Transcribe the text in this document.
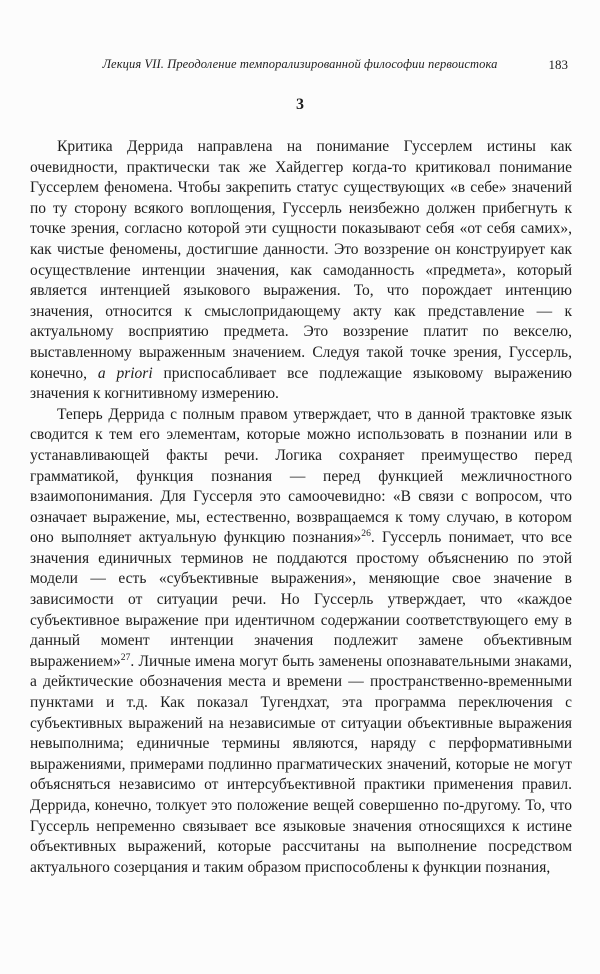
Лекция VII. Преодоление темпорализированной философии первоистока	183
3

Критика Деррида направлена на понимание Гуссерлем истины как очевидности, практически так же Хайдеггер когда-то критиковал понимание Гуссерлем феномена. Чтобы закрепить статус существующих «в себе» значений по ту сторону всякого воплощения, Гуссерль неизбежно должен прибегнуть к точке зрения, согласно которой эти сущности показывают себя «от себя самих», как чистые феномены, достигшие данности. Это воззрение он конструирует как осуществление интенции значения, как самоданность «предмета», который является интенцией языкового выражения. То, что порождает интенцию значения, относится к смыслопридающему акту как представление — к актуальному восприятию предмета. Это воззрение платит по векселю, выставленному выраженным значением. Следуя такой точке зрения, Гуссерль, конечно, a priori приспосабливает все подлежащие языковому выражению значения к когнитивному измерению.

Теперь Деррида с полным правом утверждает, что в данной трактовке язык сводится к тем его элементам, которые можно использовать в познании или в устанавливающей факты речи. Логика сохраняет преимущество перед грамматикой, функция познания — перед функцией межличностного взаимопонимания. Для Гуссерля это самоочевидно: «В связи с вопросом, что означает выражение, мы, естественно, возвращаемся к тому случаю, в котором оно выполняет актуальную функцию познания»$^{26}$. Гуссерль понимает, что все значения единичных терминов не поддаются простому объяснению по этой модели — есть «субъективные выражения», меняющие свое значение в зависимости от ситуации речи. Но Гуссерль утверждает, что «каждое субъективное выражение при идентичном содержании соответствующего ему в данный момент интенции значения подлежит замене объективным выражением»$^{27}$. Личные имена могут быть заменены опознавательными знаками, а дейктические обозначения места и времени — пространственно-временными пунктами и т.д. Как показал Тугендхат, эта программа переключения с субъективных выражений на независимые от ситуации объективные выражения невыполнима; единичные термины являются, наряду с перформативными выражениями, примерами подлинно прагматических значений, которые не могут объясняться независимо от интерсубъективной практики применения правил. Деррида, конечно, толкует это положение вещей совершенно по-другому. То, что Гуссерль непременно связывает все языковые значения относящихся к истине объективных выражений, которые рассчитаны на выполнение посредством актуального созерцания и таким образом приспособлены к функции познания,
